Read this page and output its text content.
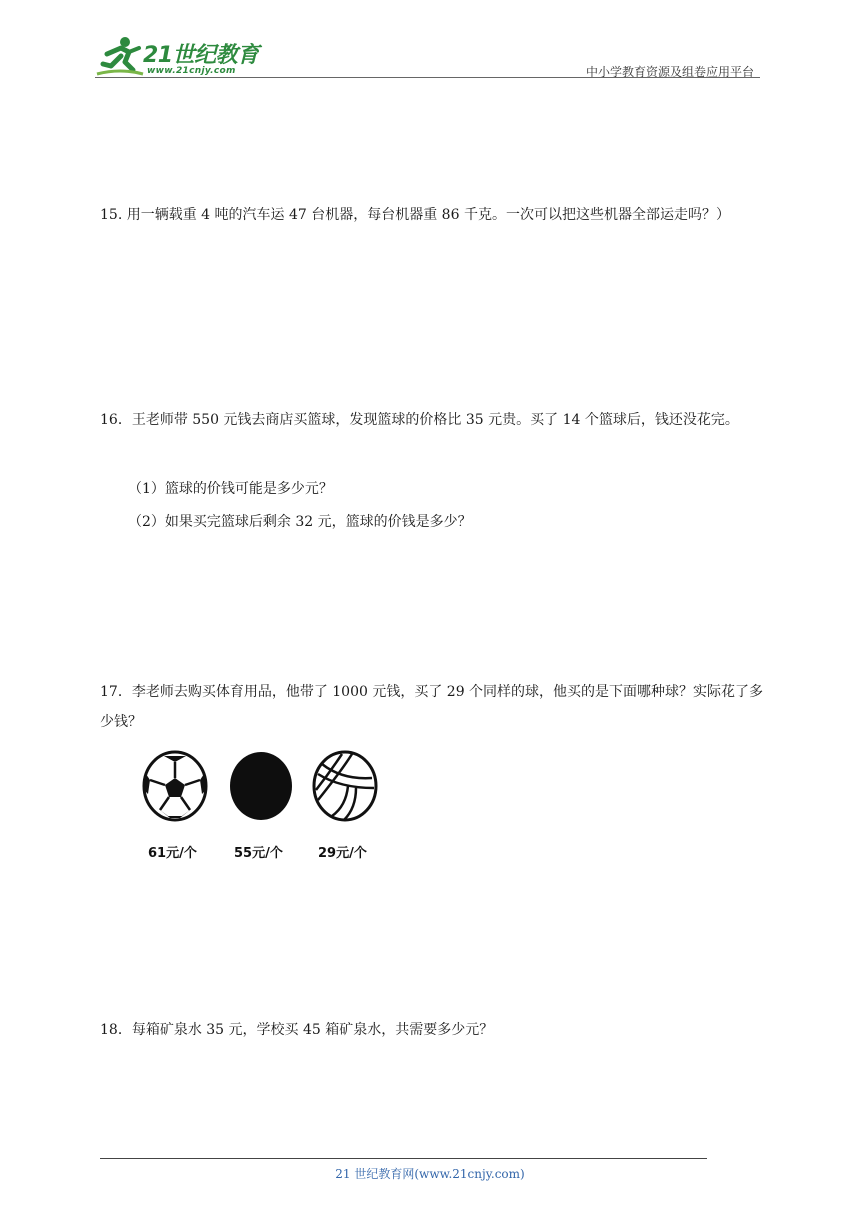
21世纪教育
www.21cnjy.com	中小学教育资源及组卷应用平台
15. 用一辆载重 4 吨的汽车运 47 台机器，每台机器重 86 千克。一次可以把这些机器全部运走吗？）
16．王老师带 550 元钱去商店买篮球，发现篮球的价格比 35 元贵。买了 14 个篮球后，钱还没花完。
（1）篮球的价钱可能是多少元？
（2）如果买完篮球后剩余 32 元，篮球的价钱是多少？
17．李老师去购买体育用品，他带了 1000 元钱，买了 29 个同样的球，他买的是下面哪种球？实际花了多少钱？
61元/个	55元/个	29元/个
18．每箱矿泉水 35 元，学校买 45 箱矿泉水，共需要多少元？
21 世纪教育网(www.21cnjy.com)
